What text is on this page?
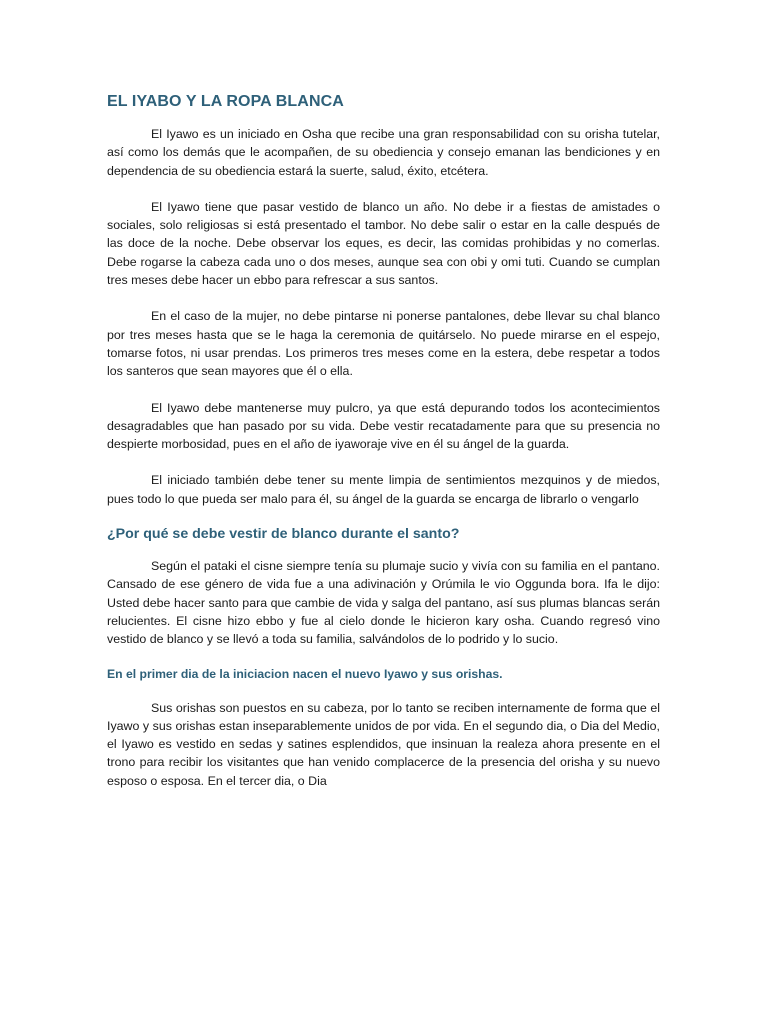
EL IYABO Y LA ROPA BLANCA

El Iyawo es un iniciado en Osha que recibe una gran responsabilidad con su orisha tutelar, así como los demás que le acompañen, de su obediencia y consejo emanan las bendiciones y en dependencia de su obediencia estará la suerte, salud, éxito, etcétera.

El Iyawo tiene que pasar vestido de blanco un año. No debe ir a fiestas de amistades o sociales, solo religiosas si está presentado el tambor. No debe salir o estar en la calle después de las doce de la noche. Debe observar los eques, es decir, las comidas prohibidas y no comerlas. Debe rogarse la cabeza cada uno o dos meses, aunque sea con obi y omi tuti. Cuando se cumplan tres meses debe hacer un ebbo para refrescar a sus santos.

En el caso de la mujer, no debe pintarse ni ponerse pantalones, debe llevar su chal blanco por tres meses hasta que se le haga la ceremonia de quitárselo. No puede mirarse en el espejo, tomarse fotos, ni usar prendas. Los primeros tres meses come en la estera, debe respetar a todos los santeros que sean mayores que él o ella.

El Iyawo debe mantenerse muy pulcro, ya que está depurando todos los acontecimientos desagradables que han pasado por su vida. Debe vestir recatadamente para que su presencia no despierte morbosidad, pues en el año de iyaworaje vive en él su ángel de la guarda.

El iniciado también debe tener su mente limpia de sentimientos mezquinos y de miedos, pues todo lo que pueda ser malo para él, su ángel de la guarda se encarga de librarlo o vengarlo

¿Por qué se debe vestir de blanco durante el santo?

Según el pataki el cisne siempre tenía su plumaje sucio y vivía con su familia en el pantano. Cansado de ese género de vida fue a una adivinación y Orúmila le vio Oggunda bora. Ifa le dijo: Usted debe hacer santo para que cambie de vida y salga del pantano, así sus plumas blancas serán relucientes. El cisne hizo ebbo y fue al cielo donde le hicieron kary osha. Cuando regresó vino vestido de blanco y se llevó a toda su familia, salvándolos de lo podrido y lo sucio.

En el primer dia de la iniciacion nacen el nuevo Iyawo y sus orishas.

Sus orishas son puestos en su cabeza, por lo tanto se reciben internamente de forma que el Iyawo y sus orishas estan inseparablemente unidos de por vida. En el segundo dia, o Dia del Medio, el Iyawo es vestido en sedas y satines esplendidos, que insinuan la realeza ahora presente en el trono para recibir los visitantes que han venido complacerce de la presencia del orisha y su nuevo esposo o esposa. En el tercer dia, o Dia
